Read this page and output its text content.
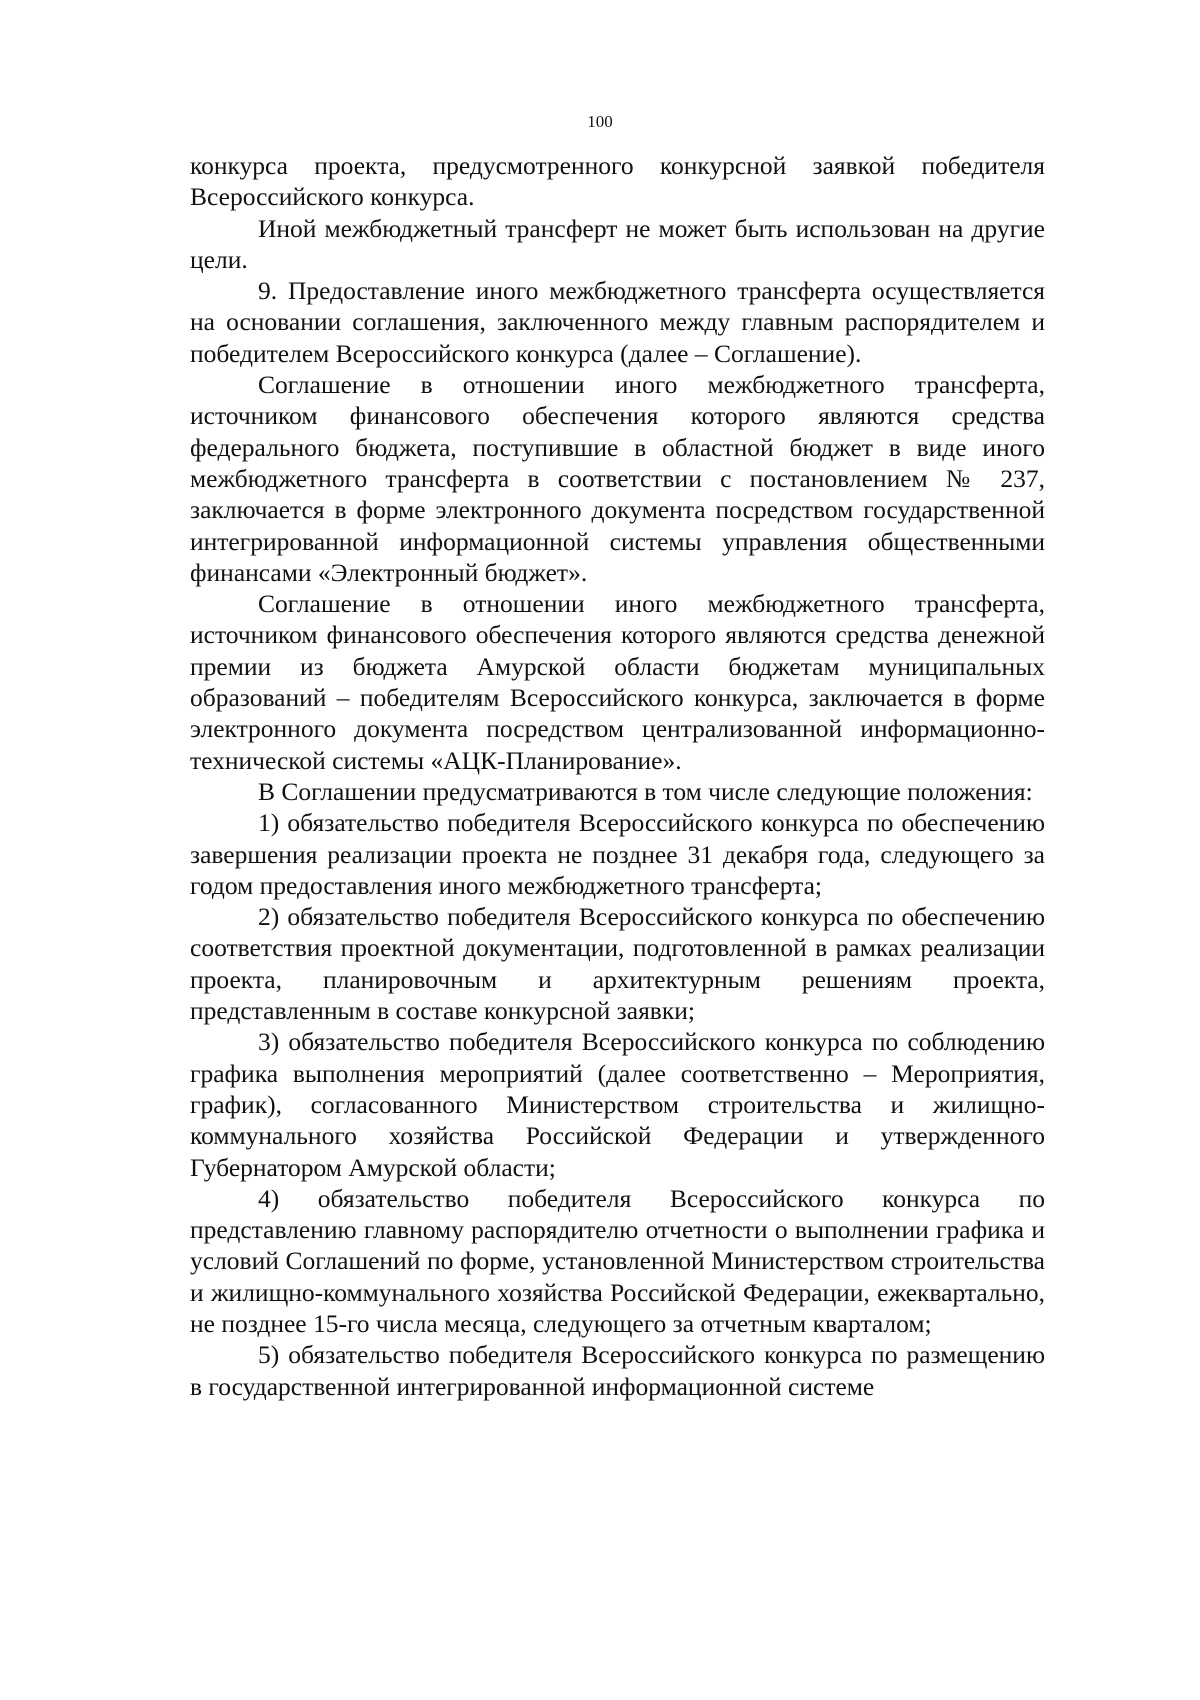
100

конкурса проекта, предусмотренного конкурсной заявкой победителя Всероссийского конкурса.

Иной межбюджетный трансферт не может быть использован на другие цели.

9. Предоставление иного межбюджетного трансферта осуществляется на основании соглашения, заключенного между главным распорядителем и победителем Всероссийского конкурса (далее – Соглашение).

Соглашение в отношении иного межбюджетного трансферта, источником финансового обеспечения которого являются средства федерального бюджета, поступившие в областной бюджет в виде иного межбюджетного трансферта в соответствии с постановлением № 237, заключается в форме электронного документа посредством государственной интегрированной информационной системы управления общественными финансами «Электронный бюджет».

Соглашение в отношении иного межбюджетного трансферта, источником финансового обеспечения которого являются средства денежной премии из бюджета Амурской области бюджетам муниципальных образований – победителям Всероссийского конкурса, заключается в форме электронного документа посредством централизованной информационно-технической системы «АЦК-Планирование».

В Соглашении предусматриваются в том числе следующие положения:

1) обязательство победителя Всероссийского конкурса по обеспечению завершения реализации проекта не позднее 31 декабря года, следующего за годом предоставления иного межбюджетного трансферта;

2) обязательство победителя Всероссийского конкурса по обеспечению соответствия проектной документации, подготовленной в рамках реализации проекта, планировочным и архитектурным решениям проекта, представленным в составе конкурсной заявки;

3) обязательство победителя Всероссийского конкурса по соблюдению графика выполнения мероприятий (далее соответственно – Мероприятия, график), согласованного Министерством строительства и жилищно-коммунального хозяйства Российской Федерации и утвержденного Губернатором Амурской области;

4) обязательство победителя Всероссийского конкурса по представлению главному распорядителю отчетности о выполнении графика и условий Соглашений по форме, установленной Министерством строительства и жилищно-коммунального хозяйства Российской Федерации, ежеквартально, не позднее 15-го числа месяца, следующего за отчетным кварталом;

5) обязательство победителя Всероссийского конкурса по размещению в государственной интегрированной информационной системе
